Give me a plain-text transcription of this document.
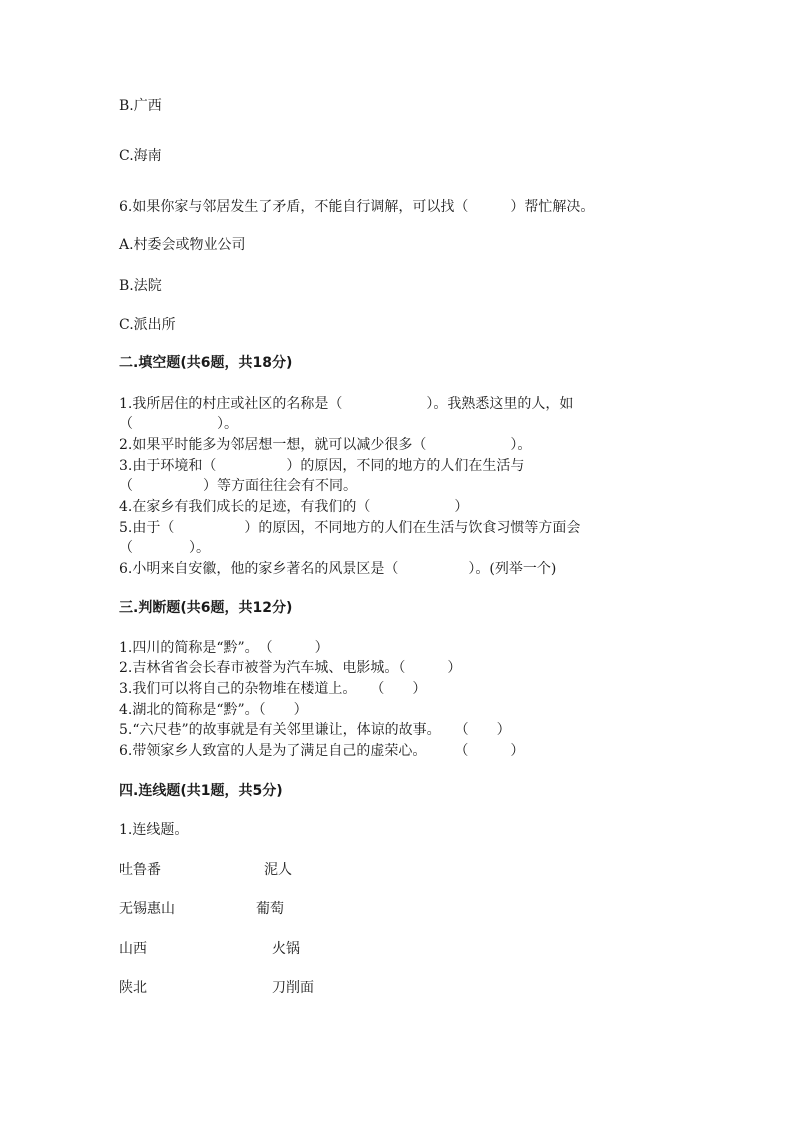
B.广西
C.海南
6.如果你家与邻居发生了矛盾，不能自行调解，可以找（　　　）帮忙解决。
A.村委会或物业公司
B.法院
C.派出所
二.填空题(共6题，共18分)
1.我所居住的村庄或社区的名称是（　　　　　　）。我熟悉这里的人，如
（　　　　　　）。
2.如果平时能多为邻居想一想，就可以减少很多（　　　　　　）。
3.由于环境和（　　　　　）的原因，不同的地方的人们在生活与
（　　　　　）等方面往往会有不同。
4.在家乡有我们成长的足迹，有我们的（　　　　　　）
5.由于（　　　　　）的原因，不同地方的人们在生活与饮食习惯等方面会
（　　　　）。
6.小明来自安徽，他的家乡著名的风景区是（　　　　　）。(列举一个)
三.判断题(共6题，共12分)
1.四川的简称是“黔”。　（　　　）
2.吉林省省会长春市被誉为汽车城、电影城。（　　　）
3.我们可以将自己的杂物堆在楼道上。　　（　　）
4.湖北的简称是“黔”。（　　）
5.“六尺巷”的故事就是有关邻里谦让，体谅的故事。　　（　　）
6.带领家乡人致富的人是为了满足自己的虚荣心。　　　（　　　）
四.连线题(共1题，共5分)
1.连线题。
吐鲁番	泥人
无锡惠山	葡萄
山西	火锅
陕北	刀削面
